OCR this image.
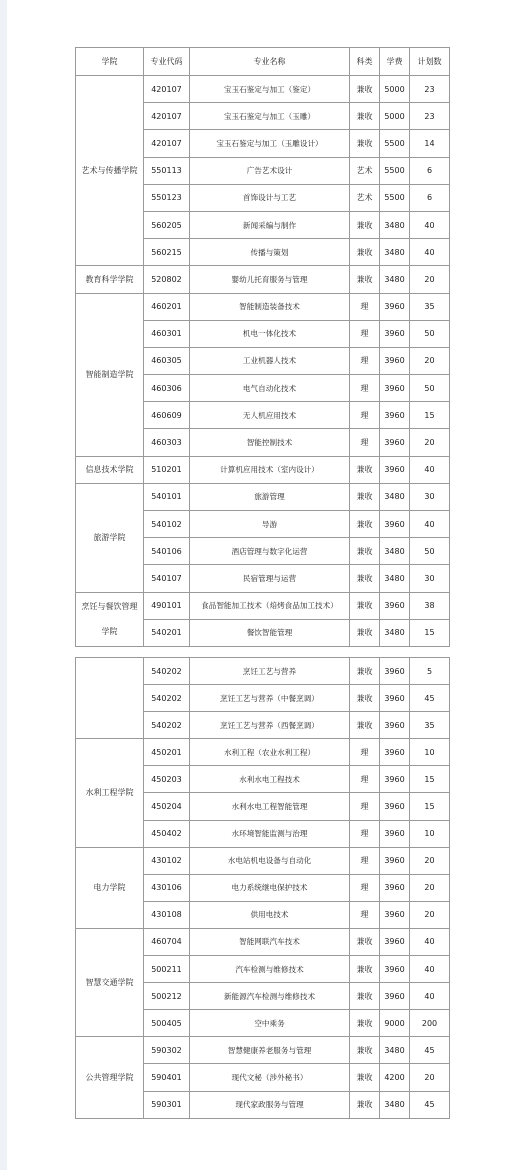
学院	专业代码	专业名称	科类	学费	计划数
艺术与传播学院	420107	宝玉石鉴定与加工（鉴定）	兼收	5000	23
	420107	宝玉石鉴定与加工（玉雕）	兼收	5000	23
	420107	宝玉石鉴定与加工（玉雕设计）	兼收	5500	14
	550113	广告艺术设计	艺术	5500	6
	550123	首饰设计与工艺	艺术	5500	6
	560205	新闻采编与制作	兼收	3480	40
	560215	传播与策划	兼收	3480	40
教育科学学院	520802	婴幼儿托育服务与管理	兼收	3480	20
智能制造学院	460201	智能制造装备技术	理	3960	35
	460301	机电一体化技术	理	3960	50
	460305	工业机器人技术	理	3960	20
	460306	电气自动化技术	理	3960	50
	460609	无人机应用技术	理	3960	15
	460303	智能控制技术	理	3960	20
信息技术学院	510201	计算机应用技术（室内设计）	兼收	3960	40
旅游学院	540101	旅游管理	兼收	3480	30
	540102	导游	兼收	3960	40
	540106	酒店管理与数字化运营	兼收	3480	50
	540107	民宿管理与运营	兼收	3480	30
烹饪与餐饮管理学院	490101	食品智能加工技术（焙烤食品加工技术）	兼收	3960	38
	540201	餐饮智能管理	兼收	3480	15
	540202	烹饪工艺与营养	兼收	3960	5
	540202	烹饪工艺与营养（中餐烹调）	兼收	3960	45
	540202	烹饪工艺与营养（西餐烹调）	兼收	3960	35
水利工程学院	450201	水利工程（农业水利工程）	理	3960	10
	450203	水利水电工程技术	理	3960	15
	450204	水利水电工程智能管理	理	3960	15
	450402	水环境智能监测与治理	理	3960	10
电力学院	430102	水电站机电设备与自动化	理	3960	20
	430106	电力系统继电保护技术	理	3960	20
	430108	供用电技术	理	3960	20
智慧交通学院	460704	智能网联汽车技术	兼收	3960	40
	500211	汽车检测与维修技术	兼收	3960	40
	500212	新能源汽车检测与维修技术	兼收	3960	40
	500405	空中乘务	兼收	9000	200
公共管理学院	590302	智慧健康养老服务与管理	兼收	3480	45
	590401	现代文秘（涉外秘书）	兼收	4200	20
	590301	现代家政服务与管理	兼收	3480	45
